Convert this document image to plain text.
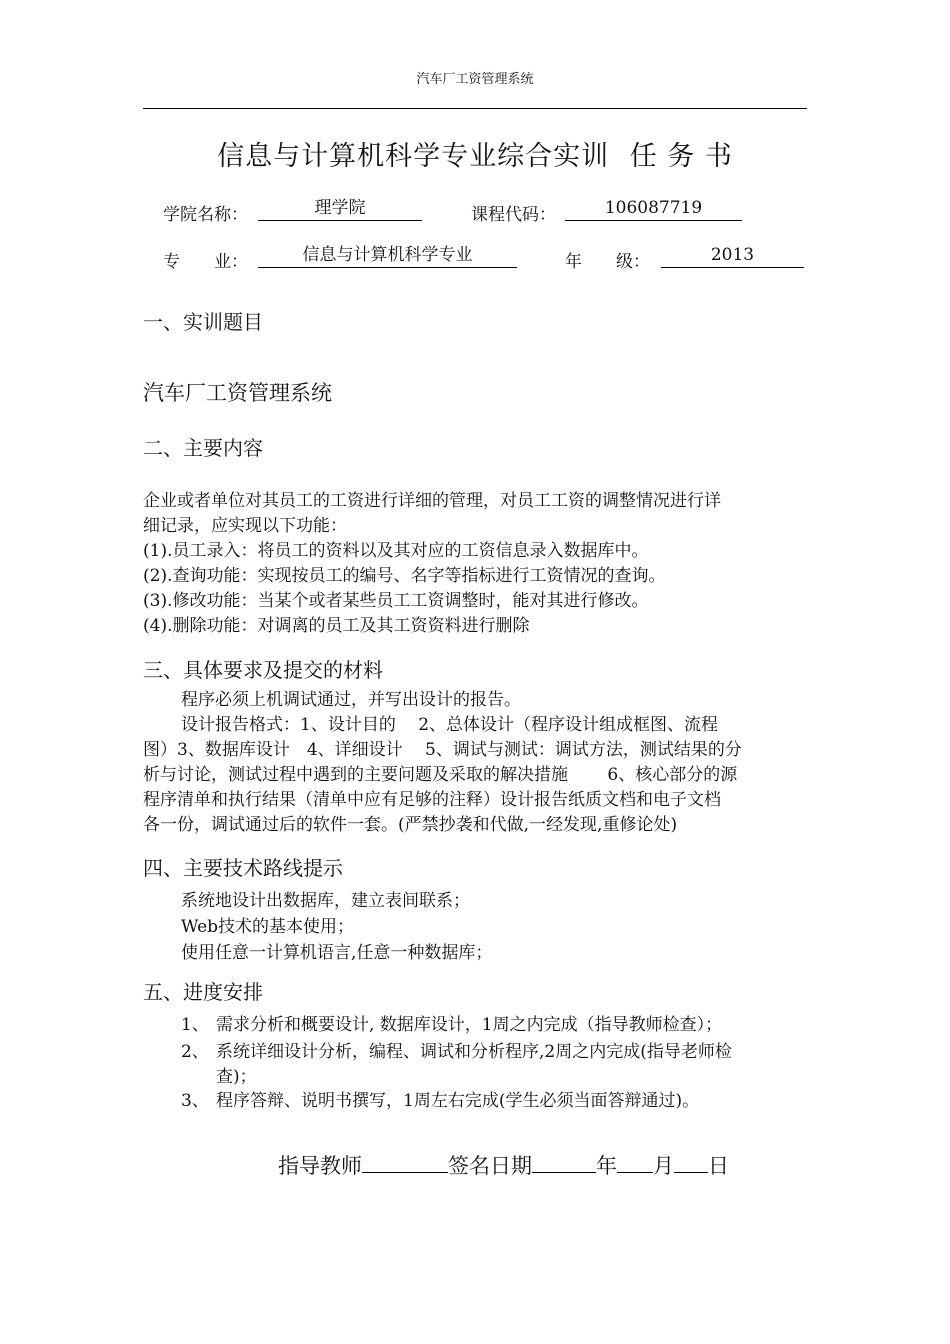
汽车厂工资管理系统
信息与计算机科学专业综合实训 任 务 书
学院名称：	理学院	课程代码：	106087719
专　　业：	信息与计算机科学专业	年　　级：	2013
一、实训题目
汽车厂工资管理系统
二、主要内容
企业或者单位对其员工的工资进行详细的管理，对员工工资的调整情况进行详
细记录，应实现以下功能：
(1).员工录入：将员工的资料以及其对应的工资信息录入数据库中。
(2).查询功能：实现按员工的编号、名字等指标进行工资情况的查询。
(3).修改功能：当某个或者某些员工工资调整时，能对其进行修改。
(4).删除功能：对调离的员工及其工资资料进行删除
三、具体要求及提交的材料
程序必须上机调试通过，并写出设计的报告。
设计报告格式：1、设计目的　 2、总体设计（程序设计组成框图、流程
图）3、数据库设计　4、详细设计　 5、调试与测试：调试方法，测试结果的分
析与讨论，测试过程中遇到的主要问题及采取的解决措施　 　6、核心部分的源
程序清单和执行结果（清单中应有足够的注释）设计报告纸质文档和电子文档
各一份，调试通过后的软件一套。(严禁抄袭和代做,一经发现,重修论处)
四、主要技术路线提示
系统地设计出数据库，建立表间联系；
Web技术的基本使用；
使用任意一计算机语言,任意一种数据库；
五、进度安排
1、 需求分析和概要设计, 数据库设计，1周之内完成（指导教师检查）；
2、 系统详细设计分析，编程、调试和分析程序,2周之内完成(指导老师检
查)；
3、 程序答辩、说明书撰写，1周左右完成(学生必须当面答辩通过)。
指导教师	签名日期	年 月 日
